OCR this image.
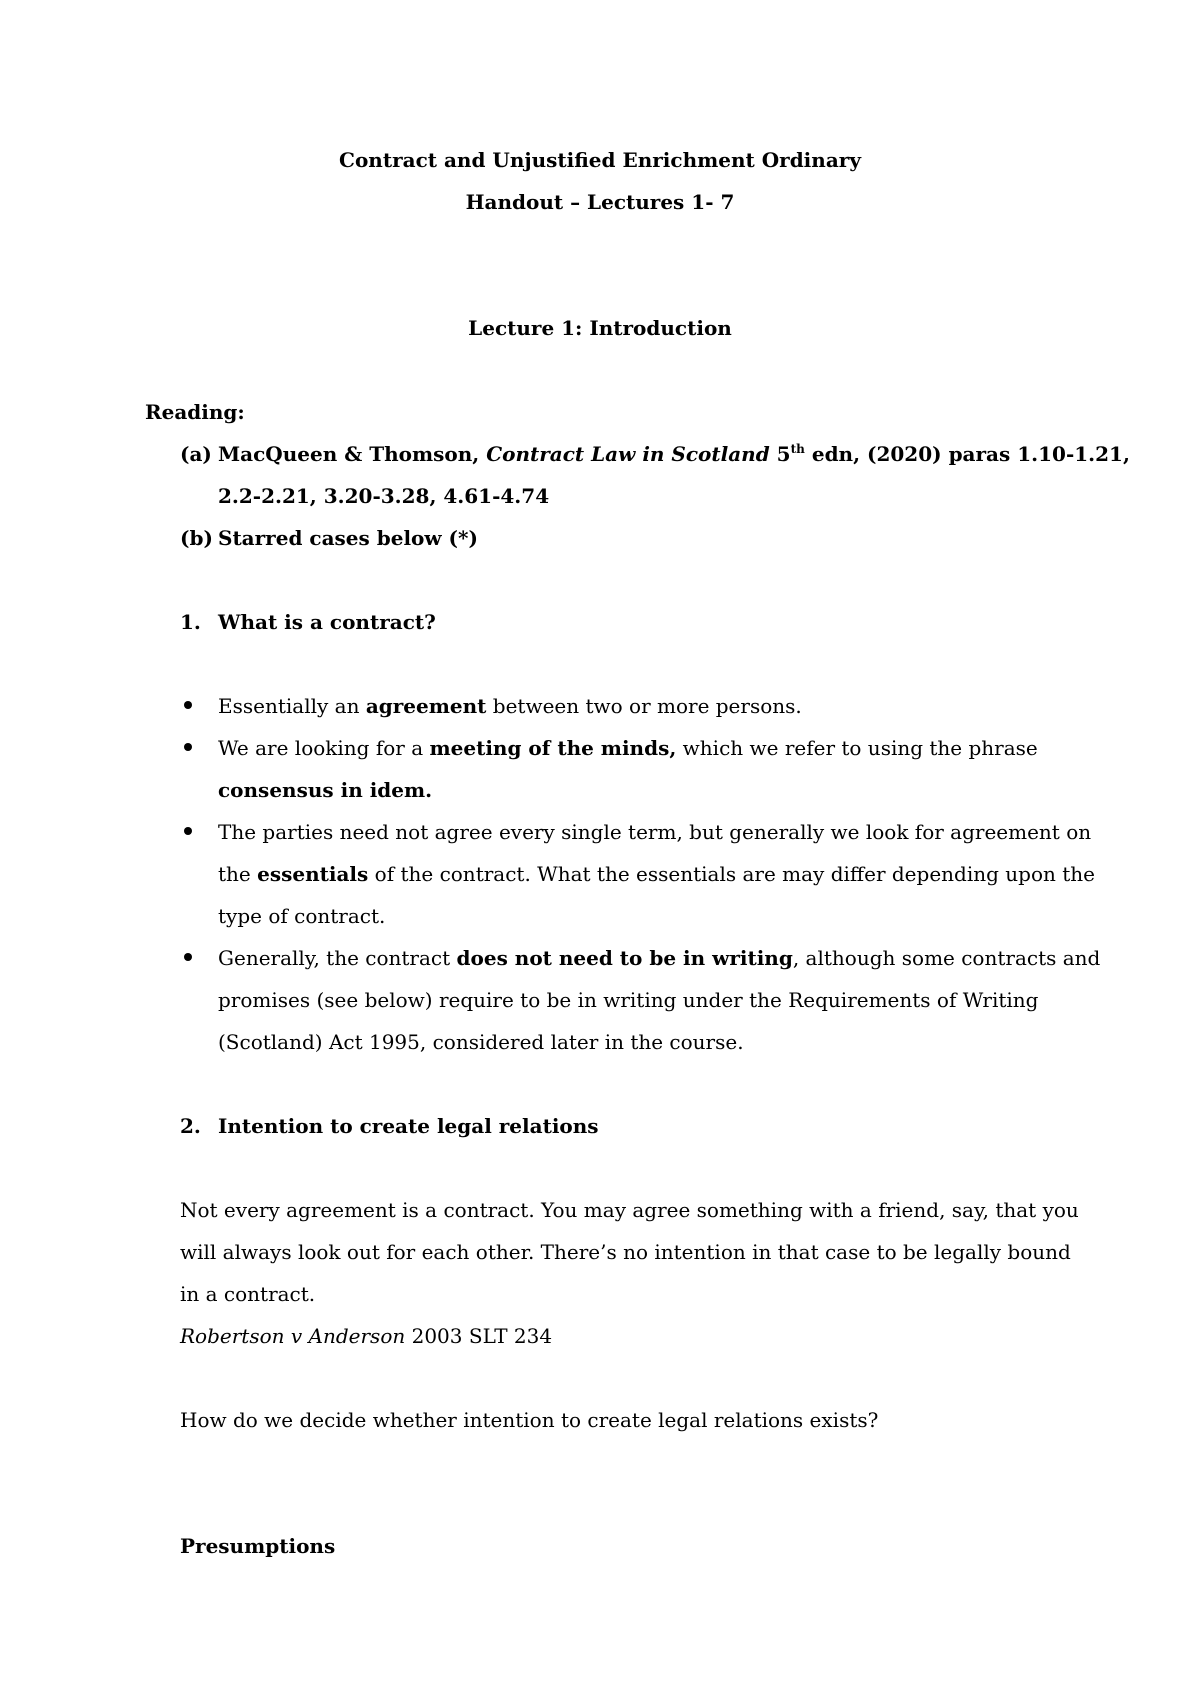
Contract and Unjustified Enrichment Ordinary
Handout – Lectures 1- 7
Lecture 1: Introduction
Reading:
(a) MacQueen & Thomson, Contract Law in Scotland 5th edn, (2020) paras 1.10-1.21,
2.2-2.21, 3.20-3.28, 4.61-4.74
(b) Starred cases below (*)
1. What is a contract?
Essentially an agreement between two or more persons.
We are looking for a meeting of the minds, which we refer to using the phrase
consensus in idem.
The parties need not agree every single term, but generally we look for agreement on
the essentials of the contract. What the essentials are may differ depending upon the
type of contract.
Generally, the contract does not need to be in writing, although some contracts and
promises (see below) require to be in writing under the Requirements of Writing
(Scotland) Act 1995, considered later in the course.
2. Intention to create legal relations
Not every agreement is a contract. You may agree something with a friend, say, that you
will always look out for each other. There’s no intention in that case to be legally bound
in a contract.
Robertson v Anderson 2003 SLT 234
How do we decide whether intention to create legal relations exists?
Presumptions
